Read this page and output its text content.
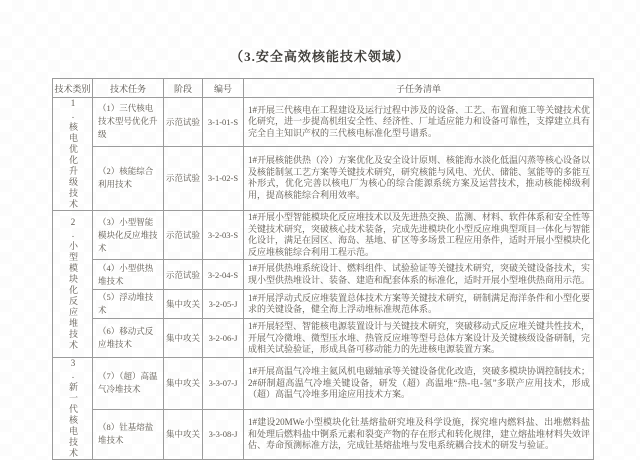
（3.安全高效核能技术领域）
技术类别	技术任务	阶段	编号	子任务清单

1.核电优化升级技术	（1）三代核电技术型号优化升级	示范试验	3-1-01-S	1#开展三代核电在工程建设及运行过程中涉及的设备、工艺、布置和施工等关键技术优化研究，进一步提高机组安全性、经济性、厂址适应能力和设备可靠性，支撑建立具有完全自主知识产权的三代核电标准化型号谱系。
	（2）核能综合利用技术	示范试验	3-1-02-S	1#开展核能供热（冷）方案优化及安全设计原则、核能海水淡化低温闪蒸等核心设备以及核能制氢工艺方案等关键技术研究，研究核能与风电、光伏、储能、氢能等的多能互补形式，优化完善以核电厂为核心的综合能源系统方案及运营技术，推动核能梯级利用，提高核能综合利用效率。

2.小型模块化反应堆技术	（3）小型智能模块化反应堆技术	示范试验	3-2-03-S	1#开展小型智能模块化反应堆技术以及先进热交换、监测、材料、软件体系和安全性等关键技术研究，突破核心技术装备，完成先进模块化小型反应堆典型项目一体化与智能化设计，满足在园区、海岛、基地、矿区等多场景工程应用条件，适时开展小型模块化反应堆核能综合利用工程示范。
	（4）小型供热堆技术	示范试验	3-2-04-S	1#开展供热堆系统设计、燃料组件、试验验证等关键技术研究，突破关键设备技术，实现小型供热堆设计、装备、建造和配套体系的标准化，适时开展小型堆供热商用示范。
	（5）浮动堆技术	集中攻关	3-2-05-J	1#开展浮动式反应堆装置总体技术方案等关键技术研究，研制满足海洋条件和小型化要求的关键设备，健全海上浮动堆标准规范体系。
	（6）移动式反应堆技术	集中攻关	3-2-06-J	1#开展轻型、智能核电源装置设计与关键技术研究，突破移动式反应堆关键共性技术，开展气冷微堆、微型压水堆、热管反应堆等型号总体方案设计及关键核级设备研制，完成相关试验验证，形成具备可移动能力的先进核电源装置方案。

3.新一代核电技术	（7）（超）高温气冷堆技术	集中攻关	3-3-07-J	1#开展高温气冷堆主氦风机电磁轴承等关键设备优化改造，突破多模块协调控制技术；2#研制超高温气冷堆关键设备，研发（超）高温堆“热-电-氢”多联产应用技术，形成（超）高温气冷堆多用途应用技术方案。
	（8）钍基熔盐堆技术	集中攻关	3-3-08-J	1#建设20MWe小型模块化钍基熔盐研究堆及科学设施，探究堆内燃料盐、出堆燃料盐和处理后燃料盐中锕系元素和裂变产物的存在形式和转化规律，建立熔盐堆材料失效评估、寿命预测标准方法，完成钍基熔盐堆与发电系统耦合技术的研发与验证。
